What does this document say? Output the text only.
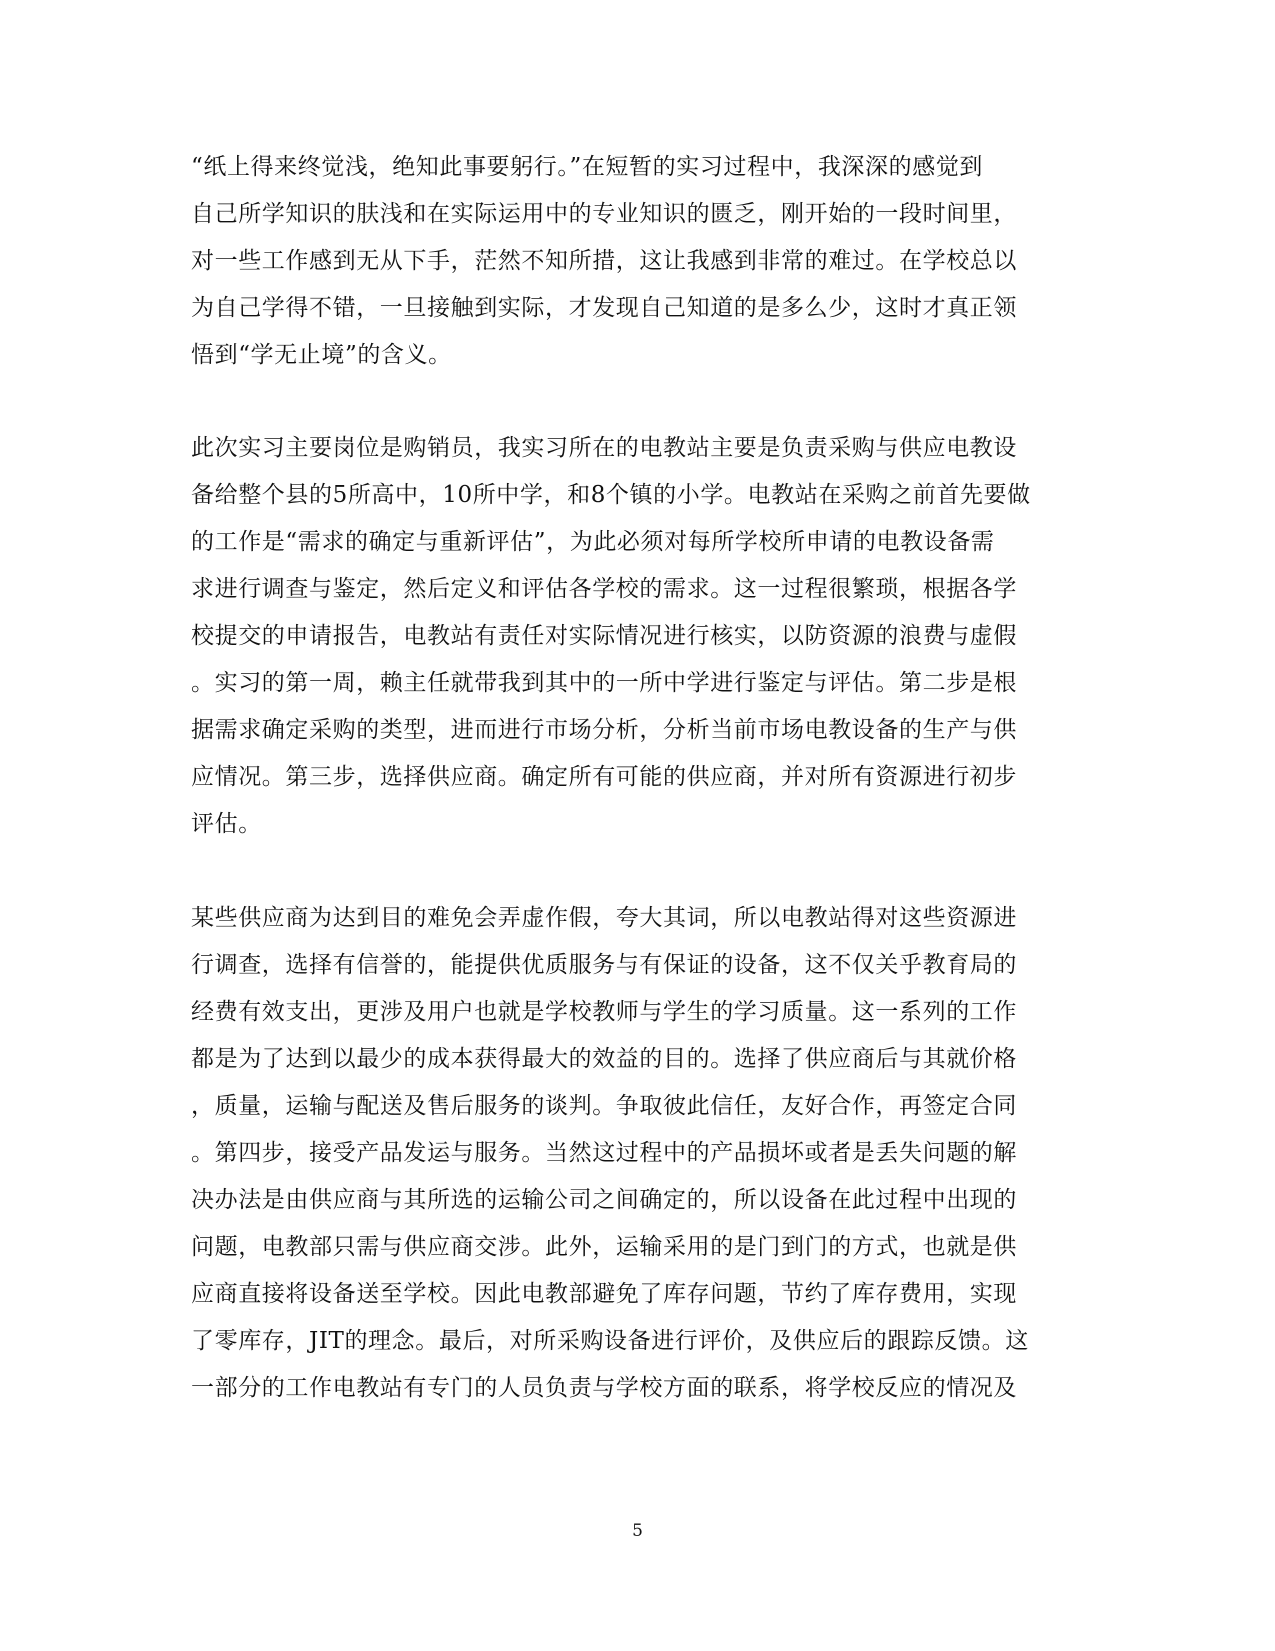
“纸上得来终觉浅，绝知此事要躬行。”在短暂的实习过程中，我深深的感觉到
自己所学知识的肤浅和在实际运用中的专业知识的匮乏，刚开始的一段时间里，
对一些工作感到无从下手，茫然不知所措，这让我感到非常的难过。在学校总以
为自己学得不错，一旦接触到实际，才发现自己知道的是多么少，这时才真正领
悟到“学无止境”的含义。
此次实习主要岗位是购销员，我实习所在的电教站主要是负责采购与供应电教设
备给整个县的5所高中，10所中学，和8个镇的小学。电教站在采购之前首先要做
的工作是“需求的确定与重新评估”，为此必须对每所学校所申请的电教设备需
求进行调查与鉴定，然后定义和评估各学校的需求。这一过程很繁琐，根据各学
校提交的申请报告，电教站有责任对实际情况进行核实，以防资源的浪费与虚假
。实习的第一周，赖主任就带我到其中的一所中学进行鉴定与评估。第二步是根
据需求确定采购的类型，进而进行市场分析，分析当前市场电教设备的生产与供
应情况。第三步，选择供应商。确定所有可能的供应商，并对所有资源进行初步
评估。
某些供应商为达到目的难免会弄虚作假，夸大其词，所以电教站得对这些资源进
行调查，选择有信誉的，能提供优质服务与有保证的设备，这不仅关乎教育局的
经费有效支出，更涉及用户也就是学校教师与学生的学习质量。这一系列的工作
都是为了达到以最少的成本获得最大的效益的目的。选择了供应商后与其就价格
，质量，运输与配送及售后服务的谈判。争取彼此信任，友好合作，再签定合同
。第四步，接受产品发运与服务。当然这过程中的产品损坏或者是丢失问题的解
决办法是由供应商与其所选的运输公司之间确定的，所以设备在此过程中出现的
问题，电教部只需与供应商交涉。此外，运输采用的是门到门的方式，也就是供
应商直接将设备送至学校。因此电教部避免了库存问题，节约了库存费用，实现
了零库存，JIT的理念。最后，对所采购设备进行评价，及供应后的跟踪反馈。这
一部分的工作电教站有专门的人员负责与学校方面的联系，将学校反应的情况及
5
